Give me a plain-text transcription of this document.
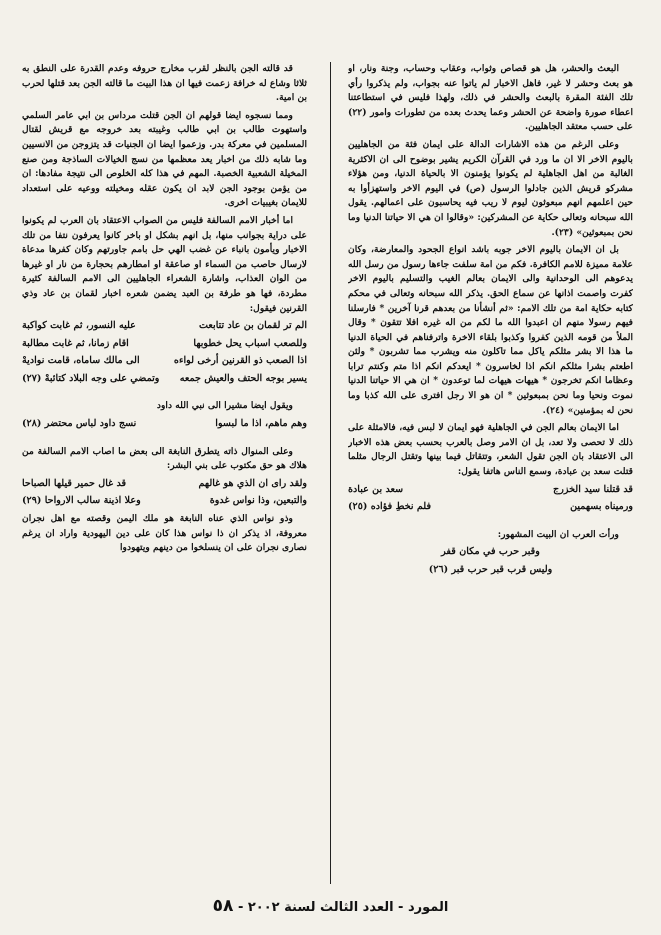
البعث والحشر، هل هو قصاص وثواب، وعقاب وحساب، وجنة ونار، او هو بعث وحشر لا غير، فاهل الاخبار لم ياتوا عنه بجواب، ولم يذكروا رأي تلك الفئة المقرة بالبعث والحشر في ذلك، ولهذا فليس في استطاعتنا اعطاء صورة واضحة عن الحشر وعما يحدث بعده من تطورات وامور (٢٢) على حسب معتقد الجاهليين.

وعلى الرغم من هذه الاشارات الدالة على ايمان فئة من الجاهليين باليوم الاخر الا ان ما ورد في القرآن الكريم يشير بوضوح الى ان الاكثرية الغالبة من اهل الجاهلية لم يكونوا يؤمنون الا بالحياة الدنيا، ومن هؤلاء مشركو قريش الذين جادلوا الرسول (ص) في اليوم الاخر واستهزأوا به حين اعلمهم انهم مبعوثون ليوم لا ريب فيه يحاسبون على اعمالهم. يقول الله سبحانه وتعالى حكاية عن المشركين: «وقالوا ان هي الا حياتنا الدنيا وما نحن بمبعوثين» (٢٣).

بل ان الايمان باليوم الاخر جوبه باشد انواع الجحود والمعارضة، وكان علامة مميزة للامم الكافرة. فكم من امة سلفت جاءها رسول من رسل الله يدعوهم الى الوحدانية والى الايمان بعالم الغيب والتسليم باليوم الاخر كفرت واصمت اذانها عن سماع الحق. يذكر الله سبحانه وتعالى في محكم كتابه حكاية امة من تلك الامم: «ثم أنشأنا من بعدهم قرنا آخرين * فارسلنا فيهم رسولا منهم ان اعبدوا الله ما لكم من اله غيره افلا تتقون * وقال الملأ من قومه الذين كفروا وكذبوا بلقاء الاخرة واترفناهم في الحياة الدنيا ما هذا الا بشر مثلكم ياكل مما تاكلون منه ويشرب مما تشربون * ولئن اطعتم بشرا مثلكم انكم اذا لخاسرون * ايعدكم انكم اذا متم وكنتم ترابا وعظاما انكم تخرجون * هيهات هيهات لما توعدون * ان هي الا حياتنا الدنيا نموت ونحيا وما نحن بمبعوثين * ان هو الا رجل افترى على الله كذبا وما نحن له بمؤمنين» (٢٤).

اما الايمان بعالم الجن في الجاهلية فهو ايمان لا لبس فيه، فالامثلة على ذلك لا تحصى ولا تعد، بل ان الامر وصل بالعرب بحسب بعض هذه الاخبار الى الاعتقاد بان الجن تقول الشعر، وتتقاتل فيما بينها وتقتل الرجال مثلما قتلت سعد بن عبادة، وسمع الناس هاتفا يقول:

قد قتلنا سيد الخزرج
سعد بن عبادة
ورميناه بسهمين
فلم نخطِ فؤاده (٢٥)

ورأت العرب ان البيت المشهور:

وقبر حرب في مكان قفر
وليس قرب قبر حرب قبر (٢٦)

قد قالته الجن بالنظر لقرب مخارج حروفه وعدم القدرة على النطق به ثلاثا وشاع له خرافة زعمت فيها ان هذا البيت ما قالته الجن بعد قتلها لحرب بن امية.

ومما نسجوه ايضا قولهم ان الجن قتلت مرداس بن ابي عامر السلمي واستهوت طالب بن ابي طالب وغيبته بعد خروجه مع قريش لقتال المسلمين في معركة بدر. وزعموا ايضا ان الجنيات قد يتزوجن من الانسيين وما شابه ذلك من اخبار يعد معظمها من نسج الخيالات الساذجة ومن صنع المخيلة الشعبية الخصبة. المهم في هذا كله الخلوص الى نتيجة مفادها: ان من يؤمن بوجود الجن لابد ان يكون عقله ومخيلته ووعيه على استعداد للايمان بغيبيات اخرى.

اما أخبار الامم السالفة فليس من الصواب الاعتقاد بان العرب لم يكونوا على دراية بجوانب منها، بل انهم بشكل او باخر كانوا يعرفون نتفا من تلك الاخبار ويأمون بانباء عن غضب الهي حل بامم جاورتهم وكان كفرها مدعاة لارسال حاصب من السماء او صاعقة او امطارهم بحجارة من نار او غيرها من الوان العذاب، واشارة الشعراء الجاهليين الى الامم السالفة كثيرة مطردة، فها هو طرفة بن العبد يضمن شعره اخبار لقمان بن عاد وذي القرنين فيقول:

الم تر لقمان بن عاد تتابعت
عليه النسور، ثم غابت كواكبة
وللصعب اسباب يحل خطوبها
اقام زمانا، ثم غابت مطالبة
اذا الصعب ذو القرنين أرخى لواءه
الى مالك ساماه، قامت نواديهْ
يسير بوجه الحتف والعيش جمعه
وتمضي على وجه البلاد كتائبهْ (٢٧)

ويقول ايضا مشيرا الى نبي الله داود

وهم ماهم، اذا ما لبسوا
نسج داود لباس محتضر (٢٨)

وعلى المنوال ذاته يتطرق النابغة الى بعض ما اصاب الامم السالفة من هلاك هو حق مكتوب على بني البشر:

ولقد راى ان الذي هو غالهم
قد غال حمير قيلها الصباحا
والتبعين، وذا نواس غدوة
وعلا اذينة سالب الارواحا (٢٩)

وذو نواس الذي عناه النابغة هو ملك اليمن وقصته مع اهل نجران معروفة، اذ يذكر ان ذا نواس هذا كان على دين اليهودية واراد ان يرغم نصارى نجران على ان ينسلخوا من دينهم ويتهودوا

المورد - العدد الثالث لسنة ٢٠٠٢ - ٥٨
